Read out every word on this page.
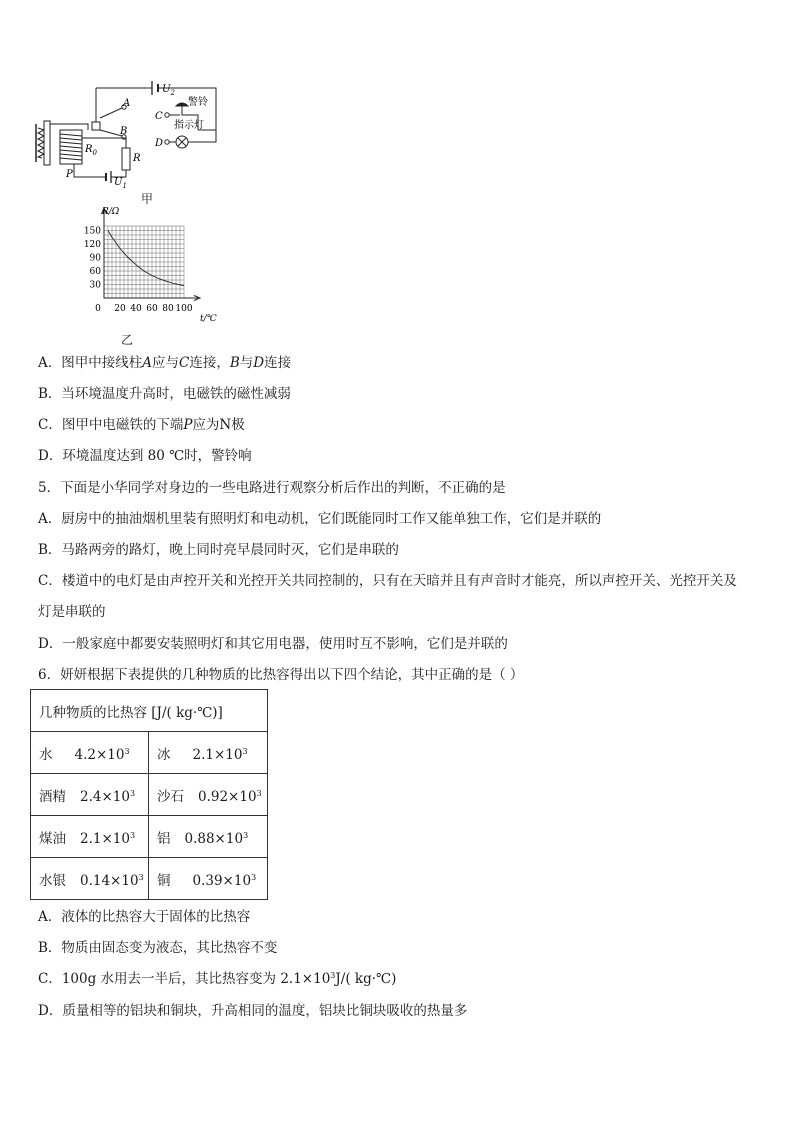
$U_2$
A
B
C
D
警铃
指示灯
$R_0$	R
P
$U_1$
甲
150
120
90
60
30
0 20 40 60 80 100
R/Ω
t/℃
乙
A．图甲中接线柱A应与C连接，B与D连接
B．当环境温度升高时，电磁铁的磁性减弱
C．图甲中电磁铁的下端P应为N极
D．环境温度达到 80 ℃时，警铃响
5．下面是小华同学对身边的一些电路进行观察分析后作出的判断，不正确的是
A．厨房中的抽油烟机里装有照明灯和电动机，它们既能同时工作又能单独工作，它们是并联的
B．马路两旁的路灯，晚上同时亮早晨同时灭，它们是串联的
C．楼道中的电灯是由声控开关和光控开关共同控制的，只有在天暗并且有声音时才能亮，所以声控开关、光控开关及
灯是串联的
D．一般家庭中都要安装照明灯和其它用电器，使用时互不影响，它们是并联的
6．妍妍根据下表提供的几种物质的比热容得出以下四个结论，其中正确的是（ ）
几种物质的比热容 [J/( kg·℃)]	
水 $4.2\times 10^3$	冰 $2.1\times 10^3$
酒精 $2.4\times 10^3$	沙石 $0.92\times 10^3$
煤油 $2.1\times 10^3$	铝 $0.88\times 10^3$
水银 $0.14\times 10^3$	铜 $0.39\times 10^3$
A．液体的比热容大于固体的比热容
B．物质由固态变为液态，其比热容不变
C．100g 水用去一半后，其比热容变为 $2.1\times 10^3J/$( kg·℃)
D．质量相等的铝块和铜块，升高相同的温度，铝块比铜块吸收的热量多
